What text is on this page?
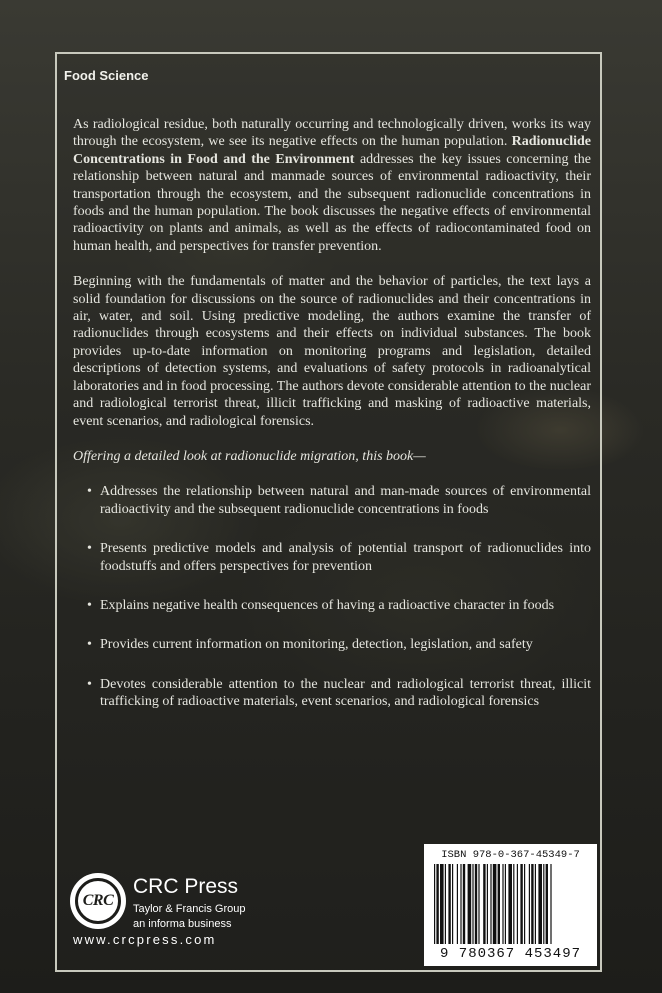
Food Science

As radiological residue, both naturally occurring and technologically driven, works its way through the ecosystem, we see its negative effects on the human population. Radionuclide Concentrations in Food and the Environment addresses the key issues concerning the relationship between natural and manmade sources of environmental radioactivity, their transportation through the ecosystem, and the subsequent radionuclide concentrations in foods and the human population. The book discusses the negative effects of environmental radioactivity on plants and animals, as well as the effects of radiocontaminated food on human health, and perspectives for transfer prevention.

Beginning with the fundamentals of matter and the behavior of particles, the text lays a solid foundation for discussions on the source of radionuclides and their concentrations in air, water, and soil. Using predictive modeling, the authors examine the transfer of radionuclides through ecosystems and their effects on individual substances. The book provides up-to-date information on monitoring programs and legislation, detailed descriptions of detection systems, and evaluations of safety protocols in radioanalytical laboratories and in food processing. The authors devote considerable attention to the nuclear and radiological terrorist threat, illicit trafficking and masking of radioactive materials, event scenarios, and radiological forensics.

Offering a detailed look at radionuclide migration, this book—

• Addresses the relationship between natural and man-made sources of environmental radioactivity and the subsequent radionuclide concentrations in foods
• Presents predictive models and analysis of potential transport of radionuclides into foodstuffs and offers perspectives for prevention
• Explains negative health consequences of having a radioactive character in foods
• Provides current information on monitoring, detection, legislation, and safety
• Devotes considerable attention to the nuclear and radiological terrorist threat, illicit trafficking of radioactive materials, event scenarios, and radiological forensics
CRC
CRC Press
Taylor & Francis Group
an informa business
www.crcpress.com
ISBN 978-0-367-45349-7
9 780367 453497
